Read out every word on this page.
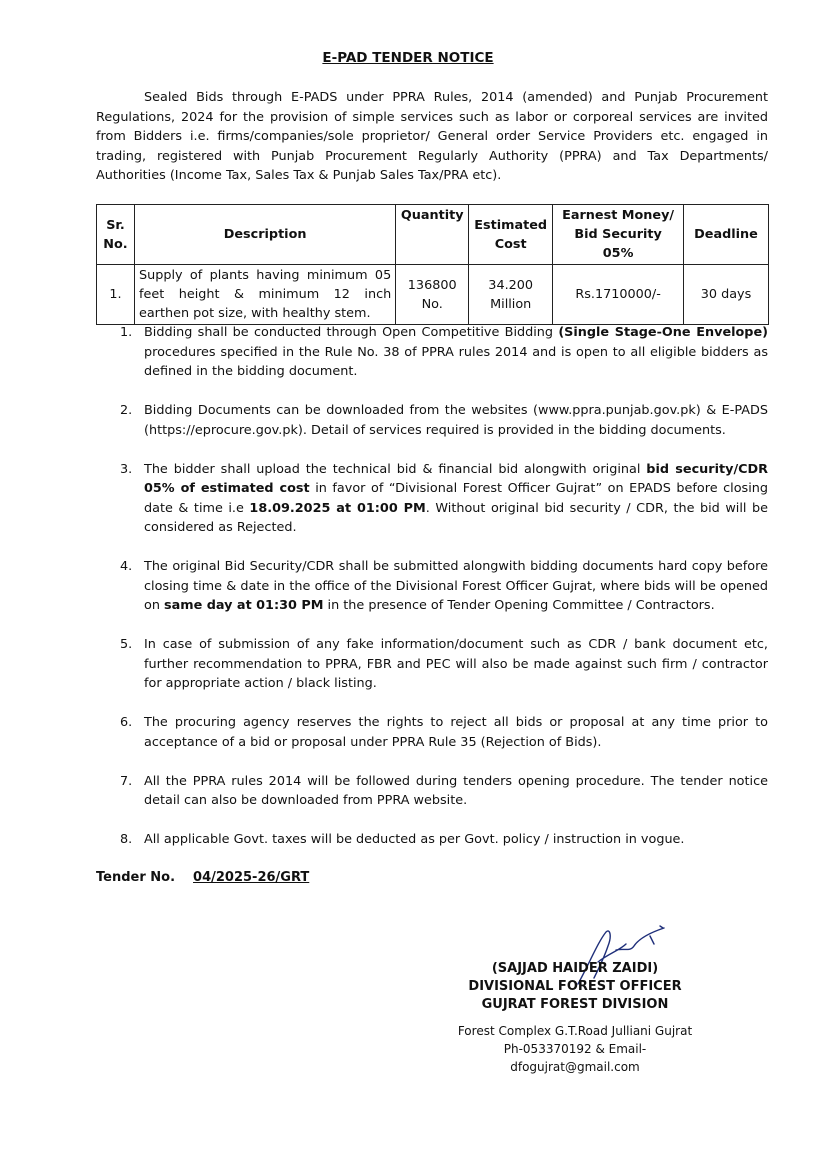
E-PAD TENDER NOTICE

Sealed Bids through E-PADS under PPRA Rules, 2014 (amended) and Punjab Procurement Regulations, 2024 for the provision of simple services such as labor or corporeal services are invited from Bidders i.e. firms/companies/sole proprietor/ General order Service Providers etc. engaged in trading, registered with Punjab Procurement Regularly Authority (PPRA) and Tax Departments/ Authorities (Income Tax, Sales Tax & Punjab Sales Tax/PRA etc).

Sr. No.	Description	Quantity	Estimated Cost	Earnest Money/ Bid Security 05%	Deadline
1.	Supply of plants having minimum 05 feet height & minimum 12 inch earthen pot size, with healthy stem.	136800 No.	34.200 Million	Rs.1710000/-	30 days
1. Bidding shall be conducted through Open Competitive Bidding (Single Stage-One Envelope) procedures specified in the Rule No. 38 of PPRA rules 2014 and is open to all eligible bidders as defined in the bidding document.
2. Bidding Documents can be downloaded from the websites (www.ppra.punjab.gov.pk) & E-PADS (https://eprocure.gov.pk). Detail of services required is provided in the bidding documents.
3. The bidder shall upload the technical bid & financial bid alongwith original bid security/CDR 05% of estimated cost in favor of “Divisional Forest Officer Gujrat” on EPADS before closing date & time i.e 18.09.2025 at 01:00 PM. Without original bid security / CDR, the bid will be considered as Rejected.
4. The original Bid Security/CDR shall be submitted alongwith bidding documents hard copy before closing time & date in the office of the Divisional Forest Officer Gujrat, where bids will be opened on same day at 01:30 PM in the presence of Tender Opening Committee / Contractors.
5. In case of submission of any fake information/document such as CDR / bank document etc, further recommendation to PPRA, FBR and PEC will also be made against such firm / contractor for appropriate action / black listing.
6. The procuring agency reserves the rights to reject all bids or proposal at any time prior to acceptance of a bid or proposal under PPRA Rule 35 (Rejection of Bids).
7. All the PPRA rules 2014 will be followed during tenders opening procedure. The tender notice detail can also be downloaded from PPRA website.
8. All applicable Govt. taxes will be deducted as per Govt. policy / instruction in vogue.
Tender No. 04/2025-26/GRT
(SAJJAD HAIDER ZAIDI)
DIVISIONAL FOREST OFFICER
GUJRAT FOREST DIVISION
Forest Complex G.T.Road Julliani Gujrat
Ph-053370192 & Email-dfogujrat@gmail.com
